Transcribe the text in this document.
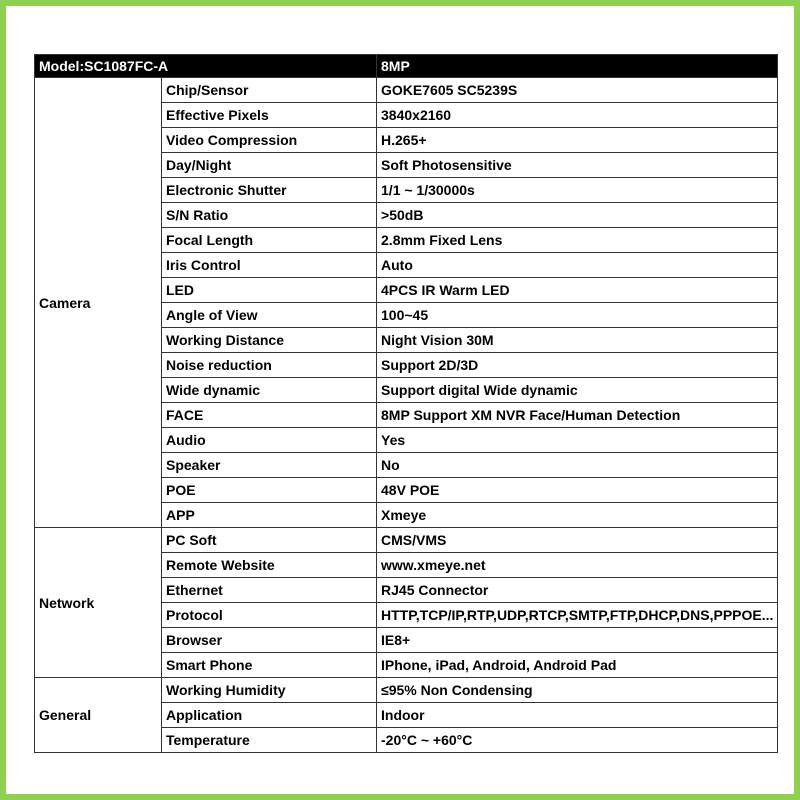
Model:SC1087FC-A		8MP
Camera	Chip/Sensor	GOKE7605 SC5239S
	Effective Pixels	3840x2160
	Video Compression	H.265+
	Day/Night	Soft Photosensitive
	Electronic Shutter	1/1 ~ 1/30000s
	S/N Ratio	>50dB
	Focal Length	2.8mm Fixed Lens
	Iris Control	Auto
	LED	4PCS IR Warm LED
	Angle of View	100~45
	Working Distance	Night Vision 30M
	Noise reduction	Support 2D/3D
	Wide dynamic	Support digital Wide dynamic
	FACE	8MP Support XM NVR Face/Human Detection
	Audio	Yes
	Speaker	No
	POE	48V POE
	APP	Xmeye
Network	PC Soft	CMS/VMS
	Remote Website	www.xmeye.net
	Ethernet	RJ45 Connector
	Protocol	HTTP,TCP/IP,RTP,UDP,RTCP,SMTP,FTP,DHCP,DNS,PPPOE...
	Browser	IE8+
	Smart Phone	IPhone, iPad, Android, Android Pad
General	Working Humidity	≤95% Non Condensing
	Application	Indoor
	Temperature	-20°C ~ +60°C
